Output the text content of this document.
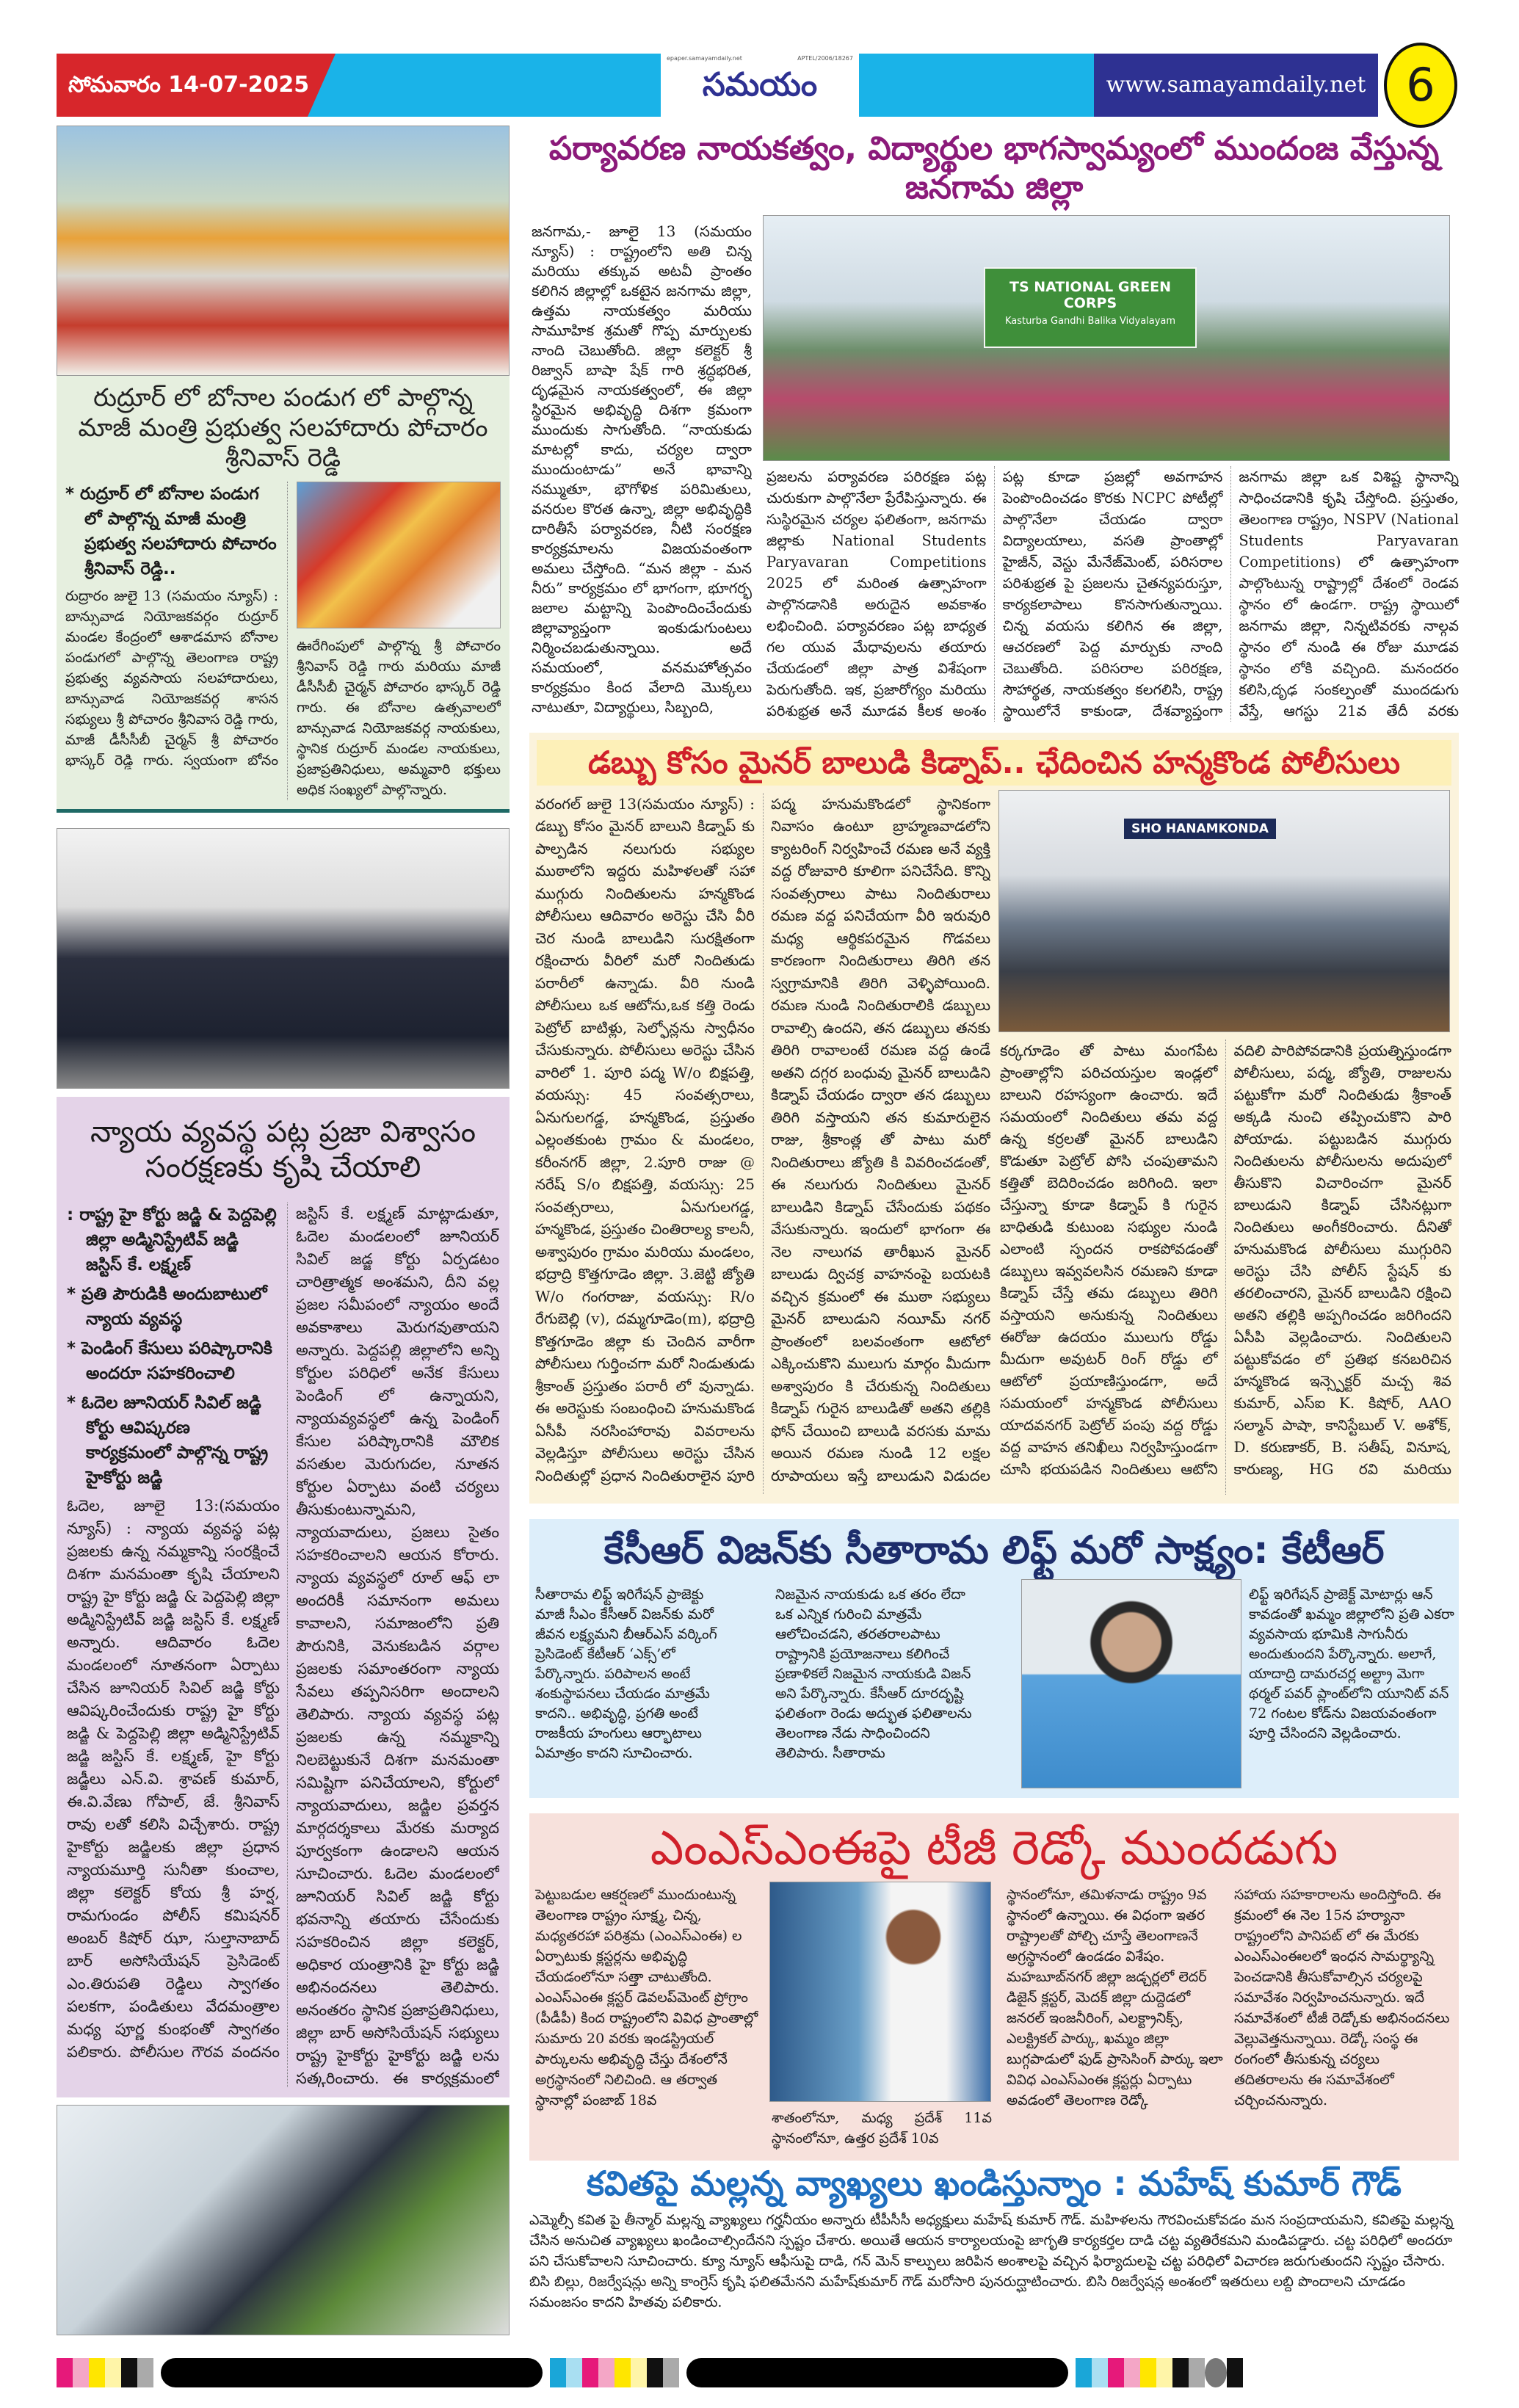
సోమవారం 14-07-2025
epaper.samayamdaily.net	APTEL/2006/18267
సమయం	www.samayamdaily.net 6
రుద్రూర్ లో బోనాల పండుగ లో పాల్గొన్న మాజీ మంత్రి ప్రభుత్వ సలహాదారు పోచారం శ్రీనివాస్ రెడ్డి
* రుద్రూర్ లో బోనాల పండుగ లో పాల్గొన్న మాజీ మంత్రి ప్రభుత్వ సలహాదారు పోచారం శ్రీనివాస్ రెడ్డి..
రుద్రారం జులై 13 (సమయం న్యూస్) : బాన్సువాడ నియోజకవర్గం రుద్రూర్ మండల కేంద్రంలో ఆశాడమాస బోనాల పండుగలో పాల్గొన్న తెలంగాణ రాష్ట్ర ప్రభుత్వ వ్యవసాయ సలహాదారులు, బాన్సువాడ నియోజకవర్గ శాసన సభ్యులు శ్రీ పోచారం శ్రీనివాస రెడ్డి గారు, మాజీ డీసీసీబీ చైర్మన్ శ్రీ పోచారం భాస్కర్ రెడ్డి గారు. స్వయంగా బోనం
ఊరేగింపులో పాల్గొన్న శ్రీ పోచారం శ్రీనివాస్ రెడ్డి గారు మరియు మాజీ డీసీసీబీ చైర్మన్ పోచారం భాస్కర్ రెడ్డి గారు. ఈ బోనాల ఉత్సవాలలో బాన్సువాడ నియోజకవర్గ నాయకులు, స్థానిక రుద్రూర్ మండల నాయకులు, ప్రజాప్రతినిధులు, అమ్మవారి భక్తులు అధిక సంఖ్యలో పాల్గొన్నారు.
న్యాయ వ్యవస్థ పట్ల ప్రజా విశ్వాసం సంరక్షణకు కృషి చేయాలి
: రాష్ట్ర హై కోర్టు జడ్జి & పెద్దపెల్లి జిల్లా అడ్మినిస్ట్రేటివ్ జడ్జి జస్టిస్ కే. లక్ష్మణ్
* ప్రతి పౌరుడికి అందుబాటులో న్యాయ వ్యవస్థ
* పెండింగ్ కేసులు పరిష్కారానికి అందరూ సహకరించాలి
* ఓదెల జూనియర్ సివిల్ జడ్జి కోర్టు ఆవిష్కరణ కార్యక్రమంలో పాల్గొన్న రాష్ట్ర హైకోర్టు జడ్జి
ఓదెల, జూలై 13:(సమయం న్యూస్) : న్యాయ వ్యవస్థ పట్ల ప్రజలకు ఉన్న నమ్మకాన్ని సంరక్షించే దిశగా మనమంతా కృషి చేయాలని రాష్ట్ర హై కోర్టు జడ్జి & పెద్దపెల్లి జిల్లా అడ్మినిస్ట్రేటివ్ జడ్జి జస్టిస్ కే. లక్ష్మణ్ అన్నారు. ఆదివారం ఓదెల మండలంలో నూతనంగా ఏర్పాటు చేసిన జూనియర్ సివిల్ జడ్జి కోర్టు ఆవిష్కరించేందుకు రాష్ట్ర హై కోర్టు జడ్జి & పెద్దపెల్లి జిల్లా అడ్మినిస్ట్రేటివ్ జడ్జి జస్టిస్ కే. లక్ష్మణ్, హై కోర్టు జడ్జీలు ఎన్.వి. శ్రావణ్ కుమార్, ఈ.వి.వేణు గోపాల్, జే. శ్రీనివాస్ రావు లతో కలిసి విచ్చేశారు. రాష్ట్ర హైకోర్టు జడ్జిలకు జిల్లా ప్రధాన న్యాయమూర్తి సునీతా కుంచాల, జిల్లా కలెక్టర్ కోయ శ్రీ హర్ష, రామగుండం పోలీస్ కమిషనర్ అంబర్ కిషోర్ ఝా, సుల్తానాబాద్ బార్ అసోసియేషన్ ప్రెసిడెంట్ ఎం.తిరుపతి రెడ్డిలు స్వాగతం పలకగా, పండితులు వేదమంత్రాల మధ్య పూర్ణ కుంభంతో స్వాగతం పలికారు. పోలీసుల గౌరవ వందనం
జస్టిస్ కే. లక్ష్మణ్ మాట్లాడుతూ, ఓదెల మండలంలో జూనియర్ సివిల్ జడ్జ కోర్టు ఏర్పడటం చారిత్రాత్మక అంశమని, దీని వల్ల ప్రజల సమీపంలో న్యాయం అందే అవకాశాలు మెరుగవుతాయని అన్నారు. పెద్దపల్లి జిల్లాలోని అన్ని కోర్టుల పరిధిలో అనేక కేసులు పెండింగ్ లో ఉన్నాయని, న్యాయవ్యవస్థలో ఉన్న పెండింగ్ కేసుల పరిష్కారానికి మౌలిక వసతుల మెరుగుదల, నూతన కోర్టుల ఏర్పాటు వంటి చర్యలు తీసుకుంటున్నామని, న్యాయవాదులు, ప్రజలు సైతం సహకరించాలని ఆయన కోరారు. న్యాయ వ్యవస్థలో రూల్ ఆఫ్ లా అందరికీ సమానంగా అమలు కావాలని, సమాజంలోని ప్రతి పౌరునికి, వెనుకబడిన వర్గాల ప్రజలకు సమాంతరంగా న్యాయ సేవలు తప్పనిసరిగా అందాలని తెలిపారు. న్యాయ వ్యవస్థ పట్ల ప్రజలకు ఉన్న నమ్మకాన్ని నిలబెట్టుకునే దిశగా మనమంతా సమిష్టిగా పనిచేయాలని, కోర్టులో న్యాయవాదులు, జడ్జిల ప్రవర్తన మార్గదర్శకాలు మేరకు మర్యాద పూర్వకంగా ఉండాలని ఆయన సూచించారు. ఓదెల మండలంలో జూనియర్ సివిల్ జడ్జి కోర్టు భవనాన్ని తయారు చేసేందుకు సహకరించిన జిల్లా కలెక్టర్, అధికార యంత్రానికి హై కోర్టు జడ్జి అభినందనలు తెలిపారు. అనంతరం స్థానిక ప్రజాప్రతినిధులు, జిల్లా బార్ అసోసియేషన్ సభ్యులు రాష్ట్ర హైకోర్టు హైకోర్టు జడ్జి లను సత్కరించారు. ఈ కార్యక్రమంలో
పర్యావరణ నాయకత్వం, విద్యార్థుల భాగస్వామ్యంలో ముందంజ వేస్తున్న జనగామ జిల్లా
జనగామ,- జూలై 13 (సమయం న్యూస్) : రాష్ట్రంలోని అతి చిన్న మరియు తక్కువ అటవీ ప్రాంతం కలిగిన జిల్లాల్లో ఒకటైన జనగామ జిల్లా, ఉత్తమ నాయకత్వం మరియు సామూహిక శ్రమతో గొప్ప మార్పులకు నాంది చెబుతోంది. జిల్లా కలెక్టర్ శ్రీ రిజ్వాన్ బాషా షేక్ గారి శ్రద్ధభరిత, దృఢమైన నాయకత్వంలో, ఈ జిల్లా స్థిరమైన అభివృద్ధి దిశగా క్రమంగా ముందుకు సాగుతోంది. “నాయకుడు మాటల్లో కాదు, చర్యల ద్వారా ముందుంటాడు” అనే భావాన్ని నమ్ముతూ, భౌగోళిక పరిమితులు, వనరుల కొరత ఉన్నా, జిల్లా అభివృద్ధికి దారితీసే పర్యావరణ, నీటి సంరక్షణ కార్యక్రమాలను విజయవంతంగా అమలు చేస్తోంది. “మన జిల్లా - మన నీరు” కార్యక్రమం లో భాగంగా, భూగర్భ జలాల మట్టాన్ని పెంపొందించేందుకు జిల్లావ్యాప్తంగా ఇంకుడుగుంటలు నిర్మించబడుతున్నాయి. అదే సమయంలో, వనమహోత్సవం కార్యక్రమం కింద వేలాది మొక్కలు నాటుతూ, విద్యార్థులు, సిబ్బంది,
TS NATIONAL GREEN CORPS
Kasturba Gandhi Balika Vidyalayam
ప్రజలను పర్యావరణ పరిరక్షణ పట్ల చురుకుగా పాల్గొనేలా ప్రేరేపిస్తున్నారు. ఈ సుస్థిరమైన చర్యల ఫలితంగా, జనగామ జిల్లాకు National Students Paryavaran Competitions 2025 లో మరింత ఉత్సాహంగా పాల్గొనడానికి అరుదైన అవకాశం లభించింది. పర్యావరణం పట్ల బాధ్యత గల యువ మేధావులను తయారు చేయడంలో జిల్లా పాత్ర విశేషంగా పెరుగుతోంది. ఇక, ప్రజారోగ్యం మరియు పరిశుభ్రత అనే మూడవ కీలక అంశం పట్ల కూడా ప్రజల్లో అవగాహన పెంపొందించడం కొరకు NCPC పోటీల్లో పాల్గొనేలా చేయడం ద్వారా విద్యాలయాలు, వసతి ప్రాంతాల్లో హైజీన్, వెస్టు మేనేజ్‌మెంట్, పరిసరాల పరిశుభ్రత పై ప్రజలను చైతన్యపరుస్తూ, కార్యకలాపాలు కొనసాగుతున్నాయి. చిన్న వయసు కలిగిన ఈ జిల్లా, ఆచరణలో పెద్ద మార్పుకు నాంది చెబుతోంది. పరిసరాల పరిరక్షణ, సౌహార్థత, నాయకత్వం కలగలిసి, రాష్ట్ర స్థాయిలోనే కాకుండా, దేశవ్యాప్తంగా జనగామ జిల్లా ఒక విశిష్ట స్థానాన్ని సాధించడానికి కృషి చేస్తోంది. ప్రస్తుతం, తెలంగాణ రాష్ట్రం, NSPV (National Students Paryavaran Competitions) లో ఉత్సాహంగా పాల్గొంటున్న రాష్ట్రాల్లో దేశంలో రెండవ స్థానం లో ఉండగా. రాష్ట్ర స్థాయిలో జనగామ జిల్లా, నిన్నటివరకు నాల్గవ స్థానం లో నుండి ఈ రోజు మూడవ స్థానం లోకి వచ్చింది. మనందరం కలిసి,దృఢ సంకల్పంతో ముందడుగు వేస్తే, ఆగస్టు 21వ తేదీ వరకు
డబ్బు కోసం మైనర్ బాలుడి కిడ్నాప్.. ఛేదించిన హన్మకొండ పోలీసులు
వరంగల్ జులై 13(సమయం న్యూస్) : డబ్బు కోసం మైనర్ బాలుని కిడ్నాప్ కు పాల్పడిన నలుగురు సభ్యుల ముఠాలోని ఇద్దరు మహిళలతో సహా ముగ్గురు నిందితులను హన్మకొండ పోలీసులు ఆదివారం అరెస్టు చేసి వీరి చెర నుండి బాలుడిని సురక్షితంగా రక్షించారు వీరిలో మరో నిందితుడు పరారీలో ఉన్నాడు. వీరి నుండి పోలీసులు ఒక ఆటోను,ఒక కత్తి రెండు పెట్రోల్ బాటిళ్లు, సెల్ఫోన్లను స్వాధీనం చేసుకున్నారు. పోలీసులు అరెస్టు చేసిన వారిలో 1. పూరి పద్మ W/o బిక్షపత్తి, వయస్సు: 45 సంవత్సరాలు, ఏనుగులగడ్డ, హన్మకొండ, ప్రస్తుతం ఎల్లంతకుంట గ్రామం & మండలం, కరీంనగర్ జిల్లా, 2.పూరి రాజు @ నరేష్ S/o బిక్షపత్తి, వయస్సు: 25 సంవత్సరాలు, ఏనుగులగడ్డ, హన్మకొండ, ప్రస్తుతం చింతిరాల్య కాలనీ, అశ్వాపురం గ్రామం మరియు మండలం, భద్రాద్రి కొత్తగూడెం జిల్లా. 3.జెట్టి జ్యోతి W/o గంగరాజు, వయస్సు: R/o రేగుబెల్లి (v), దమ్మగూడెం(m), భద్రాద్రి కొత్తగూడెం జిల్లా కు చెందిన వారీగా పోలీసులు గుర్తించగా మరో నిండుతుడు శ్రీకాంత్ ప్రస్తుతం పరారీ లో వున్నాడు. ఈ అరెస్టుకు సంబంధించి హనుమకొండ ఏసీపీ నరసింహారావు వివరాలను వెల్లడిస్తూ పోలీసులు అరెస్టు చేసిన నిందితుల్లో ప్రధాన నిందితురాలైన పూరి పద్మ హనుమకొండలో స్థానికంగా నివాసం ఉంటూ బ్రాహ్మణవాడలోని క్యాటరింగ్ నిర్వహించే రమణ అనే వ్యక్తి వద్ద రోజువారి కూలిగా పనిచేసేది. కొన్ని సంవత్సరాలు పాటు నిందితురాలు రమణ వద్ద పనిచేయగా వీరి ఇరువురి మధ్య ఆర్థికపరమైన గొడవలు కారణంగా నిందితురాలు తిరిగి తన స్వగ్రామానికి తిరిగి వెళ్ళిపోయింది. రమణ నుండి నిందితురాలికి డబ్బులు రావాల్సి ఉందని, తన డబ్బులు తనకు తిరిగి రావాలంటే రమణ వద్ద ఉండే అతని దగ్గర బంధువు మైనర్ బాలుడిని కిడ్నాప్ చేయడం ద్వారా తన డబ్బులు తిరిగి వస్తాయని తన కుమారులైన రాజు, శ్రీకాంత్ల తో పాటు మరో నిందితురాలు జ్యోతి కి వివరించడంతో, ఈ నలుగురు నిందితులు మైనర్ బాలుడిని కిడ్నాప్ చేసేందుకు పథకం వేసుకున్నారు. ఇందులో భాగంగా ఈ నెల నాలుగవ తారీఖున మైనర్ బాలుడు ద్విచక్ర వాహనంపై బయటకి వచ్చిన క్రమంలో ఈ ముఠా సభ్యులు మైనర్ బాలుడుని నయీమ్ నగర్ ప్రాంతంలో బలవంతంగా ఆటోలో ఎక్కించుకొని ములుగు మార్గం మీదుగా అశ్వాపురం కి చేరుకున్న నిందితులు కిడ్నాప్ గురైన బాలుడితో అతని తల్లికి ఫోన్ చేయించి బాలుడి వరసకు మామ అయిన రమణ నుండి 12 లక్షల రూపాయలు ఇస్తే బాలుడుని విడుదల
SHO HANAMKONDA
కర్కగూడెం తో పాటు మంగపేట ప్రాంతాల్లోని పరిచయస్తుల ఇండ్లలో బాలుని రహస్యంగా ఉంచారు. ఇదే సమయంలో నిందితులు తమ వద్ద ఉన్న కర్రలతో మైనర్ బాలుడిని కొడుతూ పెట్రోల్ పోసి చంపుతామని కత్తితో బెదిరించడం జరిగింది. ఇలా చేస్తున్నా కూడా కిడ్నాప్ కి గురైన బాధితుడి కుటుంబ సభ్యుల నుండి ఎలాంటి స్పందన రాకపోవడంతో డబ్బులు ఇవ్వవలసిన రమణని కూడా కిడ్నాప్ చేస్తే తమ డబ్బులు తిరిగి వస్తాయని అనుకున్న నిందితులు ఈరోజు ఉదయం ములుగు రోడ్డు మీదుగా అవుటర్ రింగ్ రోడ్డు లో ఆటోలో ప్రయాణిస్తుండగా, అదే సమయంలో హన్మకొండ పోలీసులు యాదవనగర్ పెట్రోల్ పంపు వద్ద రోడ్డు వద్ద వాహన తనిఖీలు నిర్వహిస్తుండగా చూసి భయపడిన నిందితులు ఆటోని వదిలి పారిపోవడానికి ప్రయత్నిస్తుండగా పోలీసులు, పద్మ, జ్యోతి, రాజులను పట్టుకోగా మరో నిందితుడు శ్రీకాంత్ అక్కడి నుంచి తప్పించుకొని పారి పోయాడు. పట్టుబడిన ముగ్గురు నిందితులను పోలీసులను అదుపులో తీసుకొని విచారించగా మైనర్ బాలుడుని కిడ్నాప్ చేసినట్లుగా నిందితులు అంగీకరించారు. దీనితో హనుమకొండ పోలీసులు ముగ్గురిని అరెస్టు చేసి పోలీస్ స్టేషన్ కు తరలించారని, మైనర్ బాలుడిని రక్షించి అతని తల్లికి అప్పగించడం జరిగిందని ఏసీపి వెల్లడించారు. నిందితులని పట్టుకోవడం లో ప్రతిభ కనబరిచిన హన్మకొండ ఇన్స్పెక్టర్ మచ్చ శివ కుమార్, ఎస్ఐ K. కిషోర్, AAO సల్మాన్ పాషా, కానిస్టేబుల్ V. అశోక్, D. కరుణాకర్, B. సతీష్, వినూష, కారుణ్య, HG రవి మరియు
కేసీఆర్ విజన్‌కు సీతారామ లిఫ్ట్ మరో సాక్ష్యం: కేటీఆర్
సీతారామ లిఫ్ట్ ఇరిగేషన్ ప్రాజెక్టు మాజీ సీఎం కేసీఆర్ విజన్‌కు మరో జీవన లక్ష్యమని బీఆర్ఎస్ వర్కింగ్ ప్రెసిడెంట్ కేటీఆర్ ‘ఎక్స్’లో పేర్కొన్నారు. పరిపాలన అంటే శంకుస్థాపనలు చేయడం మాత్రమే కాదని.. అభివృద్ధి, ప్రగతి అంటే రాజకీయ హంగులు ఆర్భాటాలు ఏమాత్రం కాదని సూచించారు.
నిజమైన నాయకుడు ఒక తరం లేదా ఒక ఎన్నిక గురించి మాత్రమే ఆలోచించడని, తరతరాలపాటు రాష్ట్రానికి ప్రయోజనాలు కలిగించే ప్రణాళికలే నిజమైన నాయకుడి విజన్ అని పేర్కొన్నారు. కేసీఆర్ దూరదృష్టి ఫలితంగా రెండు అద్భుత ఫలితాలను తెలంగాణ నేడు సాధించిందని తెలిపారు. సీతారామ
లిఫ్ట్ ఇరిగేషన్ ప్రాజెక్ట్ మోటార్లు ఆన్ కావడంతో ఖమ్మం జిల్లాలోని ప్రతి ఎకరా వ్యవసాయ భూమికి సాగునీరు అందుతుందని పేర్కొన్నారు. అలాగే, యాదాద్రి దామరచర్ల అల్ట్రా మెగా థర్మల్ పవర్ ప్లాంట్‌లోని యూనిట్ వన్ 72 గంటల కోడ్‌ను విజయవంతంగా పూర్తి చేసిందని వెల్లడించారు.
ఎంఎస్‌ఎంఈపై టీజీ రెడ్కో ముందడుగు
పెట్టుబడుల ఆకర్షణలో ముందుంటున్న తెలంగాణ రాష్ట్రం సూక్ష్మ, చిన్న, మధ్యతరహా పరిశ్రమ (ఎంఎస్ఎంఈ) ల ఏర్పాటుకు క్లస్టర్లను అభివృద్ధి చేయడంలోనూ సత్తా చాటుతోంది. ఎంఎస్ఎంఈ క్లస్టర్ డెవలప్‌మెంట్ ప్రోగ్రాం (పీడీపీ) కింద రాష్ట్రంలోని వివిధ ప్రాంతాల్లో సుమారు 20 వరకు ఇండస్ట్రియల్ పార్కులను అభివృద్ధి చేస్తు దేశంలోనే అగ్రస్థానంలో నిలిచింది. ఆ తర్వాత స్థానాల్లో పంజాబ్ 18వ
శాతంలోనూ, మధ్య ప్రదేశ్ 11వ స్థానంలోనూ, ఉత్తర ప్రదేశ్ 10వ
స్థానంలోనూ, తమిళనాడు రాష్ట్రం 9వ స్థానంలో ఉన్నాయి. ఈ విధంగా ఇతర రాష్ట్రాలతో పోల్చి చూస్తే తెలంగాణనే అగ్రస్థానంలో ఉండడం విశేషం. మహబూబ్‌నగర్ జిల్లా జడ్చర్లలో లెదర్ డిజైన్ క్లస్టర్, మెదక్ జిల్లా దుద్దెడలో జనరల్ ఇంజనీరింగ్, ఎలక్ట్రానిక్స్, ఎలక్ట్రికల్ పార్కు, ఖమ్మం జిల్లా బుగ్గపాడులో ఫుడ్ ప్రాసెసింగ్ పార్కు ఇలా వివిధ ఎంఎస్ఎంఈ క్లస్టర్లు ఏర్పాటు అవడంలో తెలంగాణ రెడ్కో
సహాయ సహకారాలను అందిస్తోంది. ఈ క్రమంలో ఈ నెల 15న హర్యానా రాష్ట్రంలోని పానిపట్ లో ఈ మేరకు ఎంఎస్ఎంఈలలో ఇంధన సామర్థ్యాన్ని పెంచడానికి తీసుకోవాల్సిన చర్యలపై సమావేశం నిర్వహించనున్నారు. ఇదే సమావేశంలో టీజీ రెడ్కోకు అభినందనలు వెల్లువెత్తనున్నాయి. రెడ్కో సంస్థ ఈ రంగంలో తీసుకున్న చర్యలు తదితరాలను ఈ సమావేశంలో చర్చించనున్నారు.
కవితపై మల్లన్న వ్యాఖ్యలు ఖండిస్తున్నాం : మహేష్ కుమార్ గౌడ్
ఎమ్మెల్సీ కవిత పై తీన్మార్ మల్లన్న వ్యాఖ్యలు గర్హనీయం అన్నారు టీపీసీసీ అధ్యక్షులు మహేష్ కుమార్ గౌడ్. మహిళలను గౌరవించుకోవడం మన సంప్రదాయమని, కవితపై మల్లన్న చేసిన అనుచిత వ్యాఖ్యలు ఖండించాల్సిందేనని స్పష్టం చేశారు. అయితే ఆయన కార్యాలయంపై జాగృతి కార్యకర్తల దాడి చట్ట వ్యతిరేకమని మండిపడ్డారు. చట్ట పరిధిలో అందరూ పని చేసుకోవాలని సూచించారు. క్యూ న్యూస్ ఆఫీసుపై దాడి, గన్ మెన్ కాల్పులు జరిపిన అంశాలపై వచ్చిన ఫిర్యాదులపై చట్ట పరిధిలో విచారణ జరుగుతుందని స్పష్టం చేసారు. బిసి బిల్లు, రిజర్వేషన్లు అన్ని కాంగ్రెస్ కృషి ఫలితమేనని మహేష్‌కుమార్ గౌడ్ మరోసారి పునరుద్ఘాటించారు. బిసి రిజర్వేషన్ల అంశంలో ఇతరులు లబ్ది పొందాలని చూడడం సమంజసం కాదని హితవు పలికారు.
